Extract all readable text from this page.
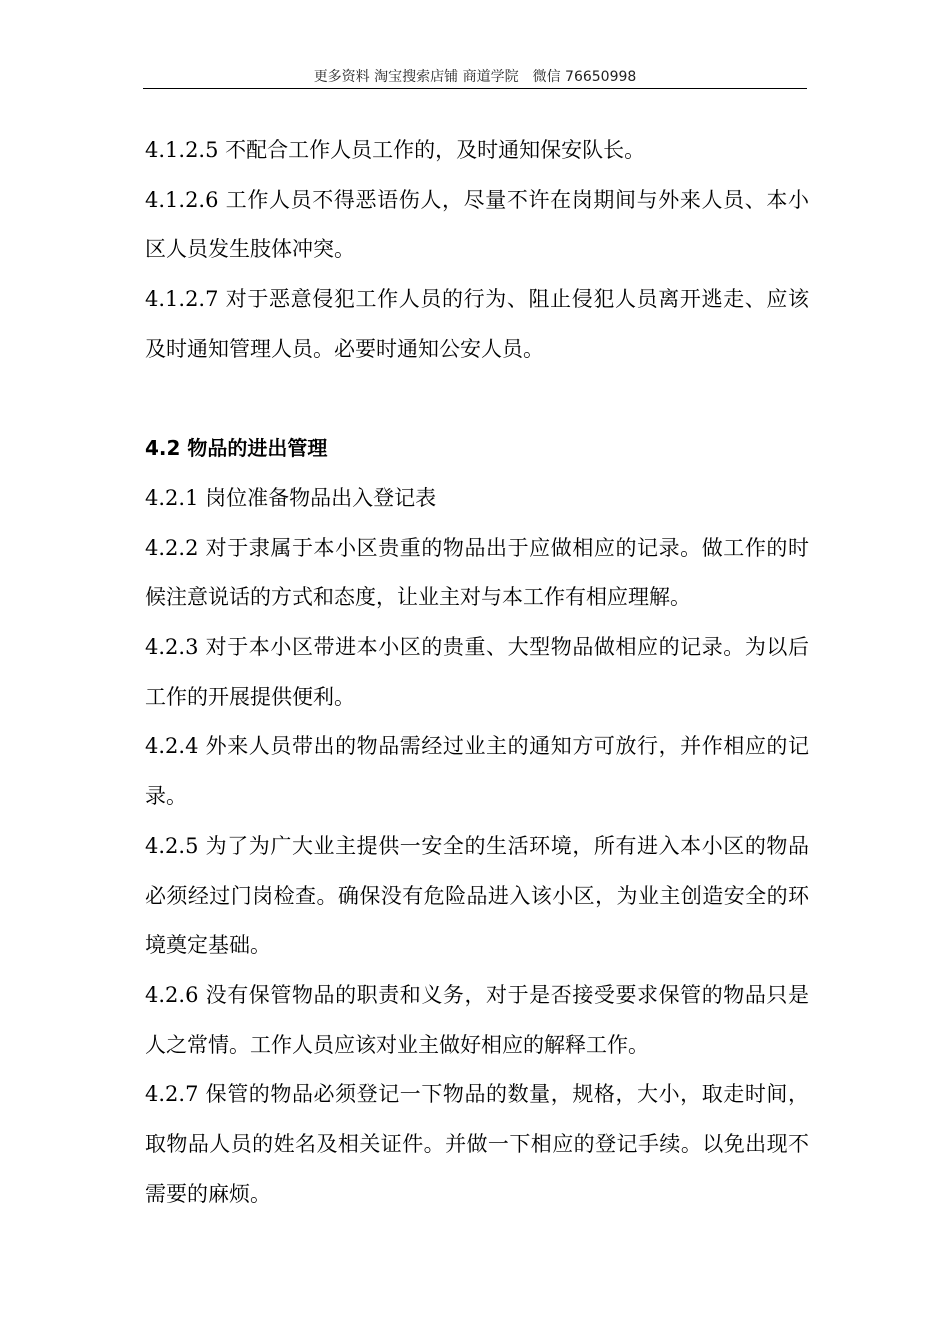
更多资料 淘宝搜索店铺 商道学院　微信 76650998

4.1.2.5 不配合工作人员工作的，及时通知保安队长。

4.1.2.6 工作人员不得恶语伤人，尽量不许在岗期间与外来人员、本小区人员发生肢体冲突。

4.1.2.7 对于恶意侵犯工作人员的行为、阻止侵犯人员离开逃走、应该及时通知管理人员。必要时通知公安人员。

4.2 物品的进出管理

4.2.1 岗位准备物品出入登记表

4.2.2 对于隶属于本小区贵重的物品出于应做相应的记录。做工作的时候注意说话的方式和态度，让业主对与本工作有相应理解。

4.2.3 对于本小区带进本小区的贵重、大型物品做相应的记录。为以后工作的开展提供便利。

4.2.4 外来人员带出的物品需经过业主的通知方可放行，并作相应的记录。

4.2.5 为了为广大业主提供一安全的生活环境，所有进入本小区的物品必须经过门岗检查。确保没有危险品进入该小区，为业主创造安全的环境奠定基础。

4.2.6 没有保管物品的职责和义务，对于是否接受要求保管的物品只是人之常情。工作人员应该对业主做好相应的解释工作。

4.2.7 保管的物品必须登记一下物品的数量，规格，大小，取走时间，取物品人员的姓名及相关证件。并做一下相应的登记手续。以免出现不需要的麻烦。
